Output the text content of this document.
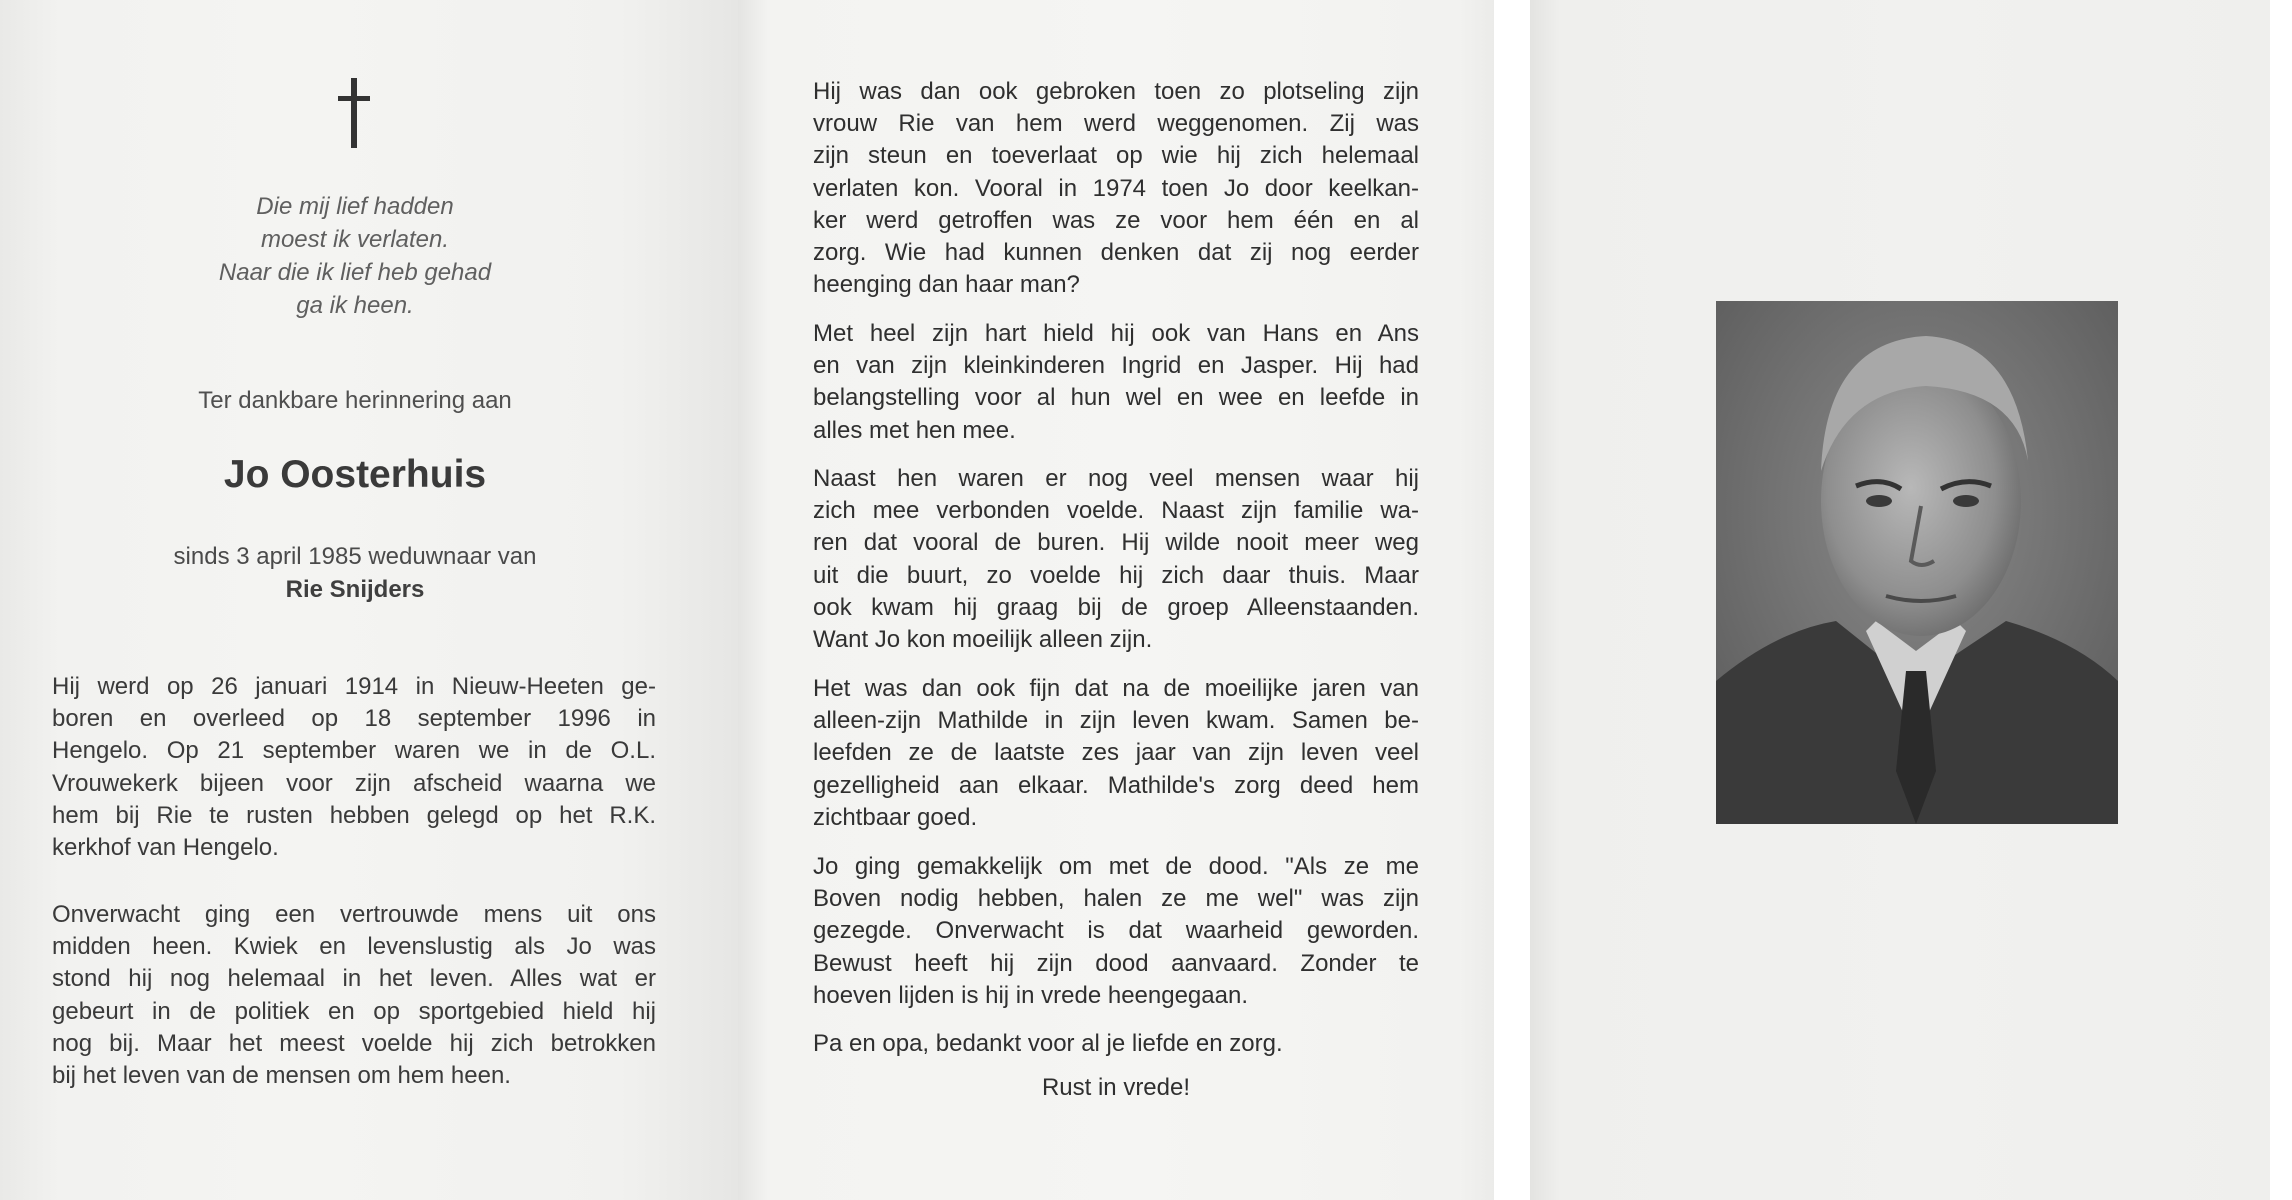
Die mij lief hadden
moest ik verlaten.
Naar die ik lief heb gehad
ga ik heen.
Ter dankbare herinnering aan
Jo Oosterhuis
sinds 3 april 1985 weduwnaar van
Rie Snijders
Hij werd op 26 januari 1914 in Nieuw-Heeten ge-
boren en overleed op 18 september 1996 in
Hengelo. Op 21 september waren we in de O.L.
Vrouwekerk bijeen voor zijn afscheid waarna we
hem bij Rie te rusten hebben gelegd op het R.K.
kerkhof van Hengelo.
Onverwacht ging een vertrouwde mens uit ons
midden heen. Kwiek en levenslustig als Jo was
stond hij nog helemaal in het leven. Alles wat er
gebeurt in de politiek en op sportgebied hield hij
nog bij. Maar het meest voelde hij zich betrokken
bij het leven van de mensen om hem heen.
Hij was dan ook gebroken toen zo plotseling zijn
vrouw Rie van hem werd weggenomen. Zij was
zijn steun en toeverlaat op wie hij zich helemaal
verlaten kon. Vooral in 1974 toen Jo door keelkan-
ker werd getroffen was ze voor hem één en al
zorg. Wie had kunnen denken dat zij nog eerder
heenging dan haar man?
Met heel zijn hart hield hij ook van Hans en Ans
en van zijn kleinkinderen Ingrid en Jasper. Hij had
belangstelling voor al hun wel en wee en leefde in
alles met hen mee.
Naast hen waren er nog veel mensen waar hij
zich mee verbonden voelde. Naast zijn familie wa-
ren dat vooral de buren. Hij wilde nooit meer weg
uit die buurt, zo voelde hij zich daar thuis. Maar
ook kwam hij graag bij de groep Alleenstaanden.
Want Jo kon moeilijk alleen zijn.
Het was dan ook fijn dat na de moeilijke jaren van
alleen-zijn Mathilde in zijn leven kwam. Samen be-
leefden ze de laatste zes jaar van zijn leven veel
gezelligheid aan elkaar. Mathilde's zorg deed hem
zichtbaar goed.
Jo ging gemakkelijk om met de dood. "Als ze me
Boven nodig hebben, halen ze me wel" was zijn
gezegde. Onverwacht is dat waarheid geworden.
Bewust heeft hij zijn dood aanvaard. Zonder te
hoeven lijden is hij in vrede heengegaan.
Pa en opa, bedankt voor al je liefde en zorg.
Rust in vrede!
